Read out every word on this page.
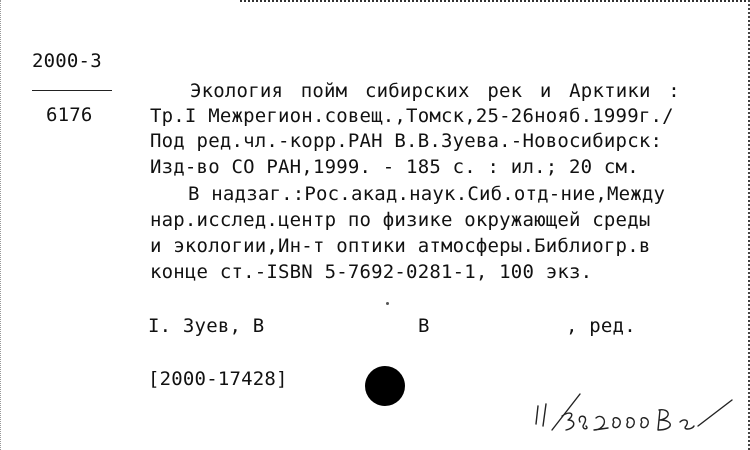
2000-3
6176
Экология пойм сибирских рек и Арктики :
Тр.I Межрегион.совещ.,Томск,25-26нояб.1999г./
Под ред.чл.-корр.РАН В.В.Зуева.-Новосибирск:
Изд-во СО РАН,1999. - 185 с. : ил.; 20 см.
В надзаг.:Рос.акад.наук.Сиб.отд-ние,Между
нар.исслед.центр по физике окружающей среды
и экологии,Ин-т оптики атмосферы.Библиогр.в
конце ст.-ISBN 5-7692-0281-1, 100 экз.
I. Зуев, В	В	, ред.
[2000-17428]
